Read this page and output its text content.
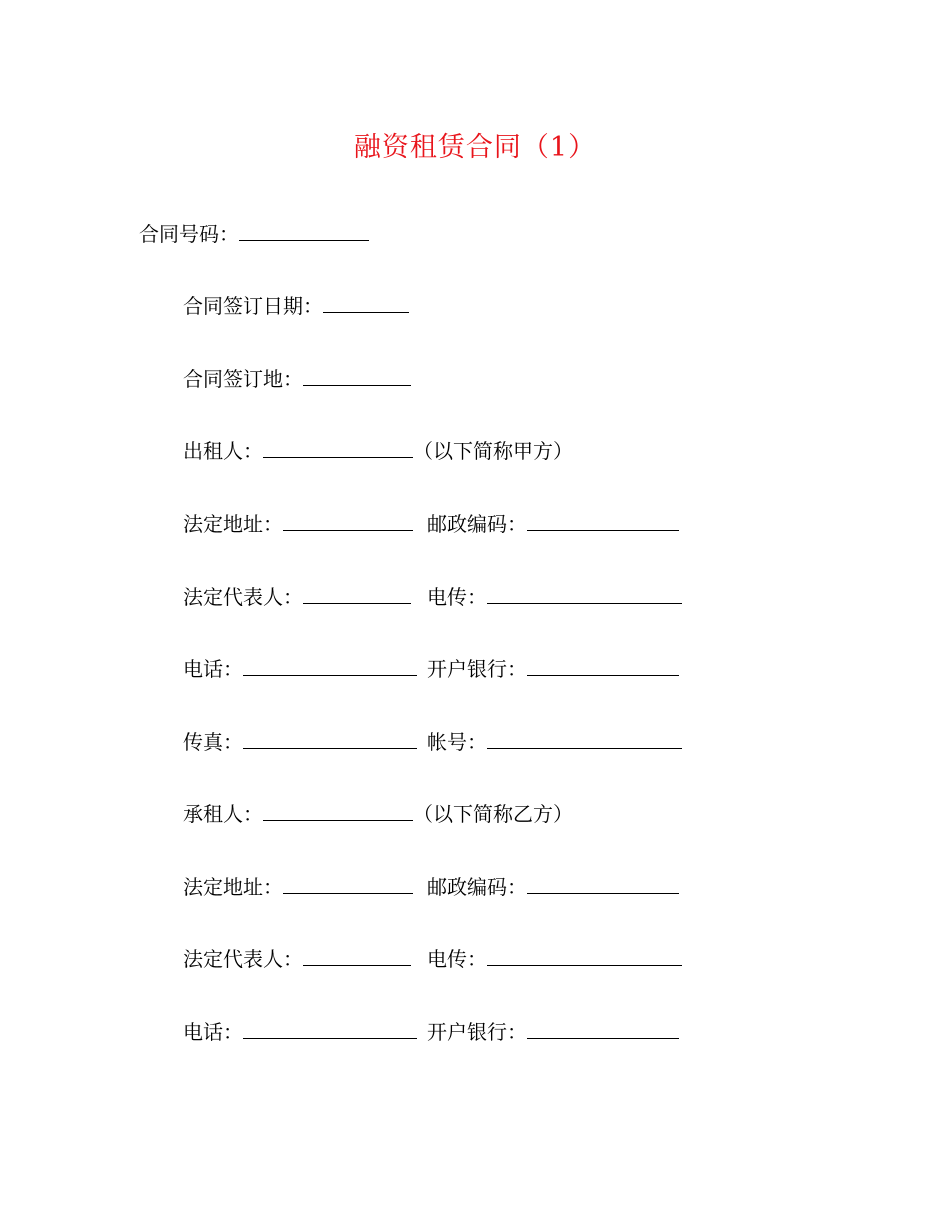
融资租赁合同（1）
合同号码：
合同签订日期：
合同签订地：
出租人：	（以下简称甲方）
法定地址：	邮政编码：
法定代表人：	电传：
电话：	开户银行：
传真：	帐号：
承租人：	（以下简称乙方）
法定地址：	邮政编码：
法定代表人：	电传：
电话：	开户银行：
